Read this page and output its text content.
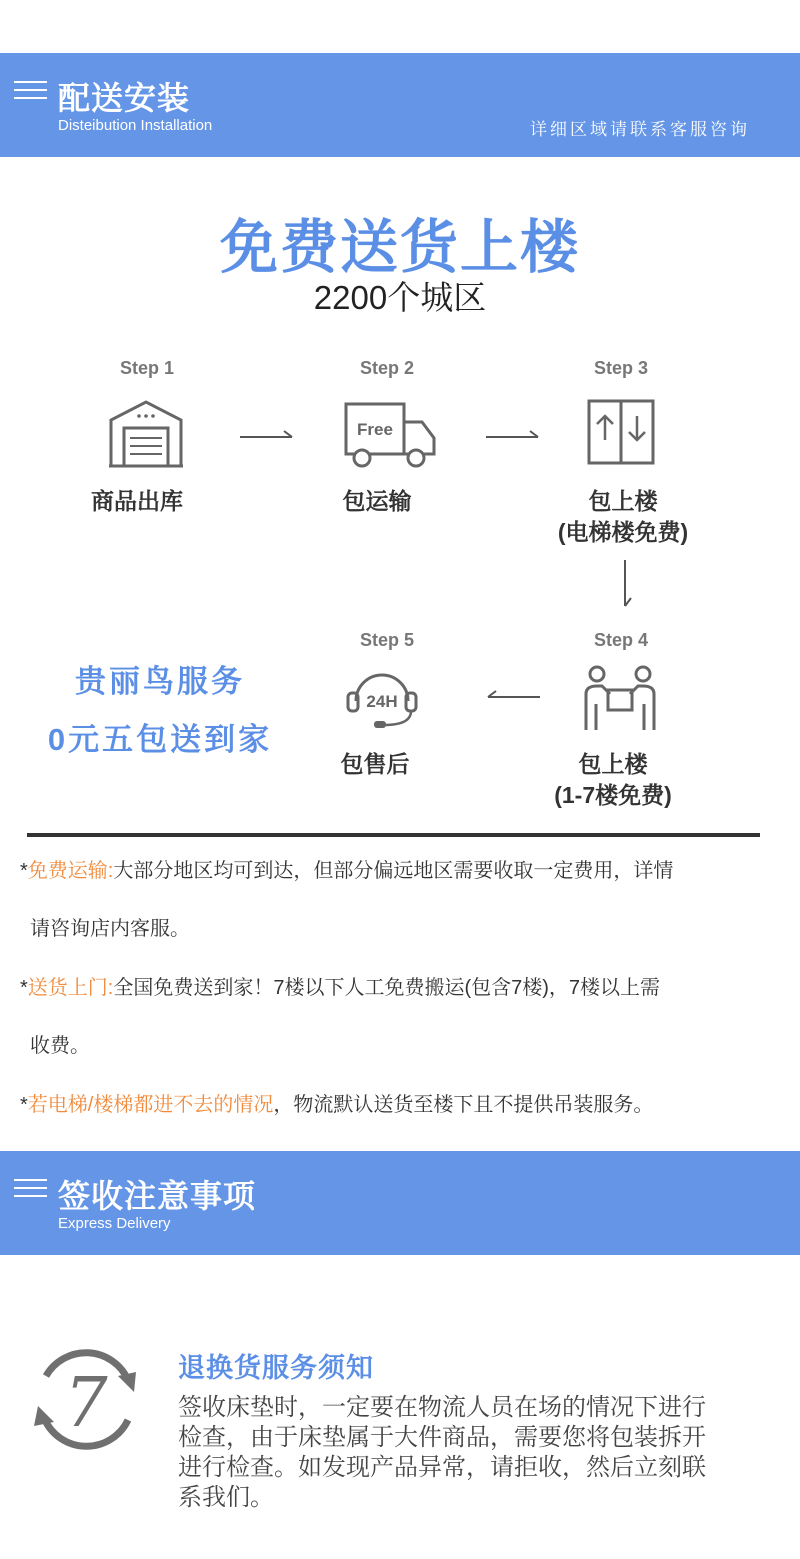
配送安装
Disteibution Installation	详细区域请联系客服咨询
免费送货上楼
2200个城区
Step 1
商品出库
Step 2
Free
包运输
Step 3
包上楼
(电梯楼免费)
贵丽鸟服务
0元五包送到家
Step 5
24H
包售后
Step 4
包上楼
(1-7楼免费)
*免费运输:大部分地区均可到达，但部分偏远地区需要收取一定费用，详情
请咨询店内客服。
*送货上门:全国免费送到家！7楼以下人工免费搬运(包含7楼)，7楼以上需
收费。
*若电梯/楼梯都进不去的情况，物流默认送货至楼下且不提供吊装服务。
签收注意事项
Express Delivery
7	退换货服务须知
签收床垫时，一定要在物流人员在场的情况下进行
检查，由于床垫属于大件商品，需要您将包装拆开
进行检查。如发现产品异常，请拒收，然后立刻联
系我们。
